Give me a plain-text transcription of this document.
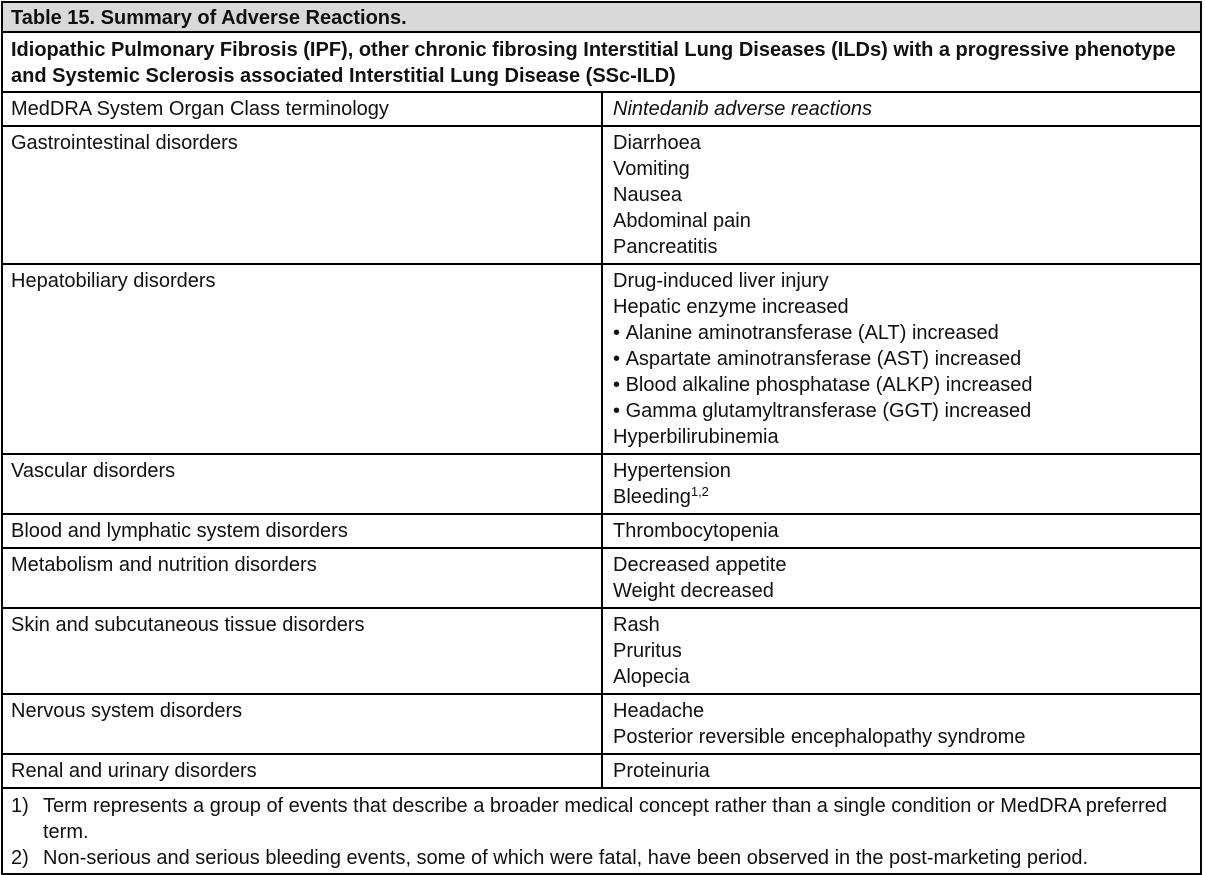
Table 15. Summary of Adverse Reactions.
Idiopathic Pulmonary Fibrosis (IPF), other chronic fibrosing Interstitial Lung Diseases (ILDs) with a progressive phenotype and Systemic Sclerosis associated Interstitial Lung Disease (SSc-ILD)
MedDRA System Organ Class terminology	Nintedanib adverse reactions
Gastrointestinal disorders	Diarrhoea
Vomiting
Nausea
Abdominal pain
Pancreatitis
Hepatobiliary disorders	Drug-induced liver injury
Hepatic enzyme increased
• Alanine aminotransferase (ALT) increased
• Aspartate aminotransferase (AST) increased
• Blood alkaline phosphatase (ALKP) increased
• Gamma glutamyltransferase (GGT) increased
Hyperbilirubinemia
Vascular disorders	Hypertension
Bleeding$^{1,2}$
Blood and lymphatic system disorders	Thrombocytopenia
Metabolism and nutrition disorders	Decreased appetite
Weight decreased
Skin and subcutaneous tissue disorders	Rash
Pruritus
Alopecia
Nervous system disorders	Headache
Posterior reversible encephalopathy syndrome
Renal and urinary disorders	Proteinuria
1) Term represents a group of events that describe a broader medical concept rather than a single condition or MedDRA preferred term.
2) Non-serious and serious bleeding events, some of which were fatal, have been observed in the post-marketing period.
